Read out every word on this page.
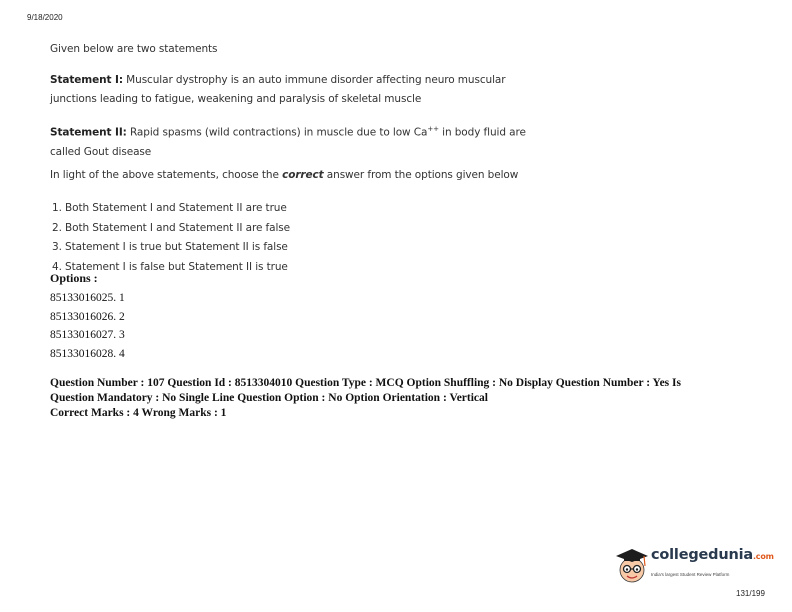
9/18/2020
Given below are two statements
Statement I: Muscular dystrophy is an auto immune disorder affecting neuro muscular junctions leading to fatigue, weakening and paralysis of skeletal muscle
Statement II: Rapid spasms (wild contractions) in muscle due to low Ca++ in body fluid are called Gout disease
In light of the above statements, choose the correct answer from the options given below
1. Both Statement I and Statement II are true
2. Both Statement I and Statement II are false
3. Statement I is true but Statement II is false
4. Statement I is false but Statement II is true
Options :
85133016025. 1
85133016026. 2
85133016027. 3
85133016028. 4
Question Number : 107 Question Id : 8513304010 Question Type : MCQ Option Shuffling : No Display Question Number : Yes Is
Question Mandatory : No Single Line Question Option : No Option Orientation : Vertical
Correct Marks : 4 Wrong Marks : 1
collegedunia.com
India's largest Student Review Platform
131/199
